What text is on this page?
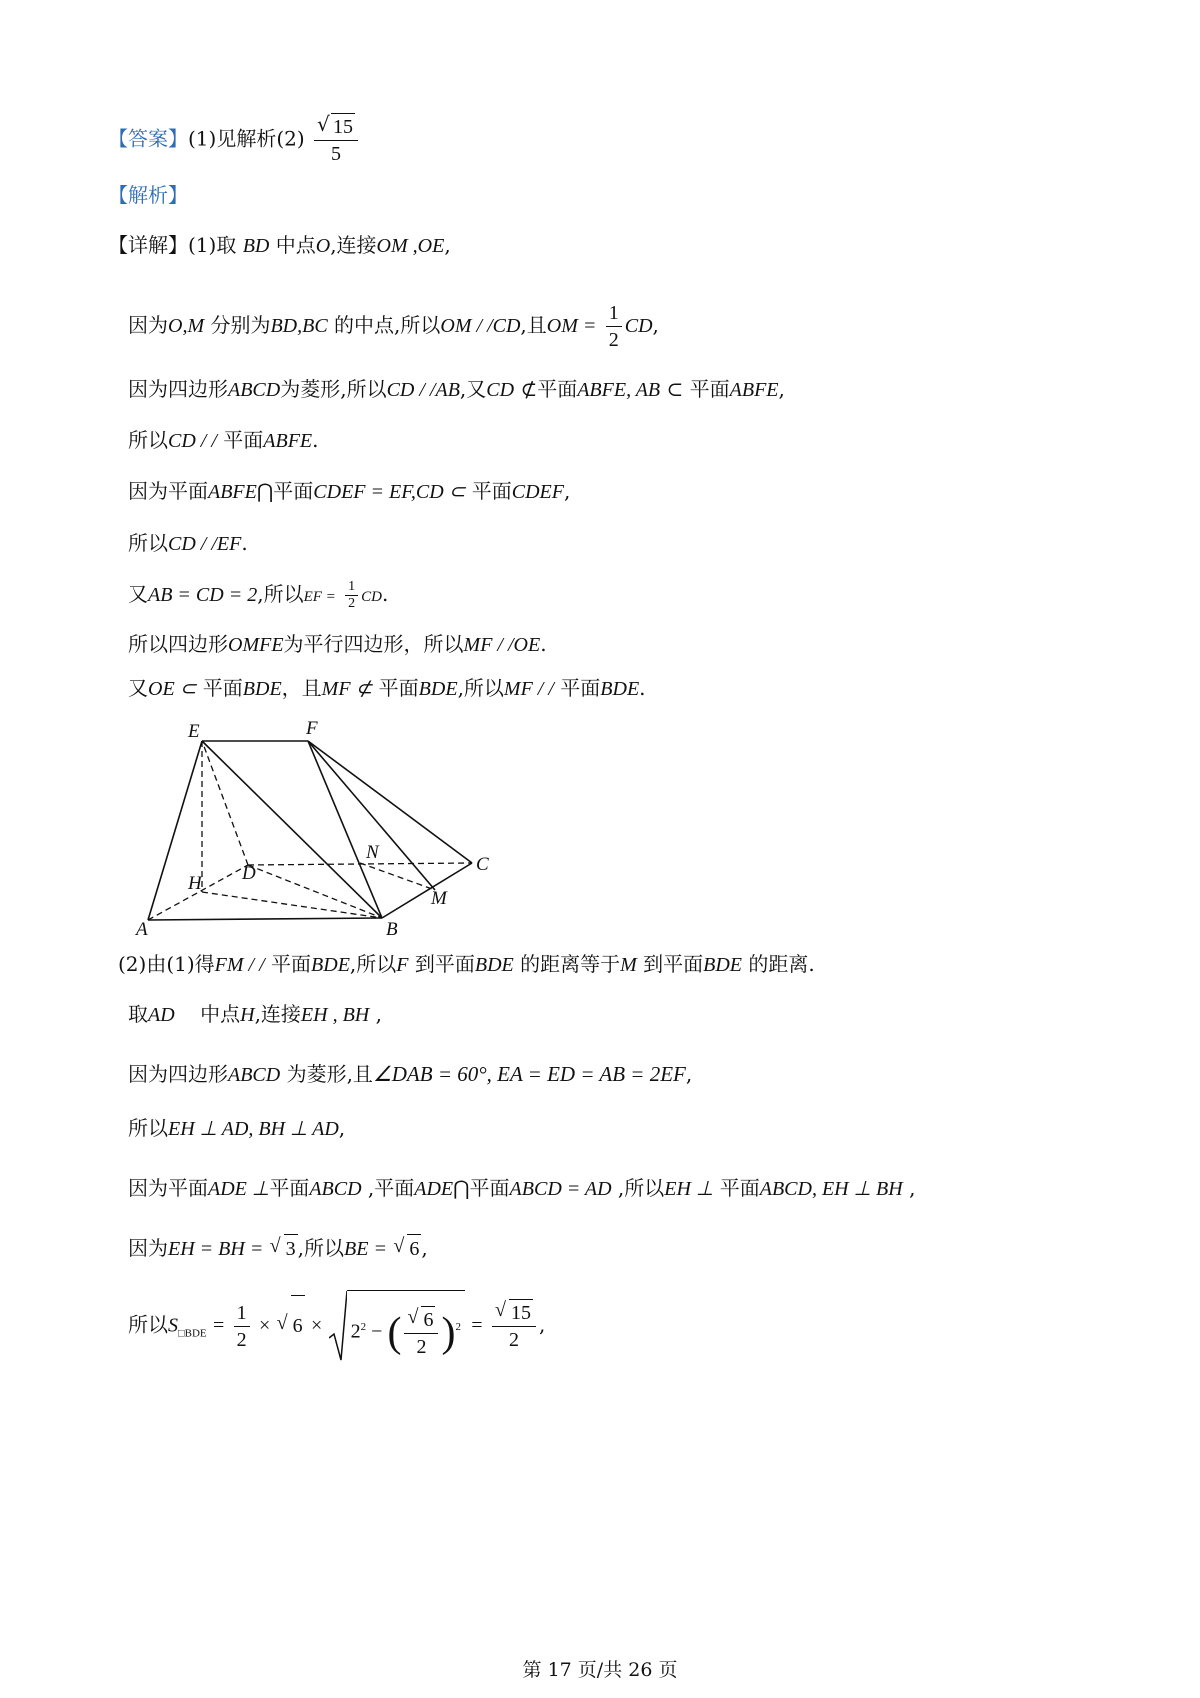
【答案】(1)见解析(2) √ $\frac{15}{5}$
【解析】
【详解】(1)取 BD 中点O,连接OM ,OE,
因为O,M 分别为BD,BC 的中点,所以OM / /CD,且OM = $\frac{1}{2}$ CD,
因为四边形ABCD为菱形,所以CD / /AB,又CD ⊄平面ABFE, AB ⊂ 平面ABFE,
所以CD / / 平面ABFE.
因为平面ABFE⋂平面CDEF = EF,CD ⊂ 平面CDEF,
所以CD / /EF.
又AB = CD = 2,所以EF = $\frac{1}{2}$ CD.
所以四边形OMFE为平行四边形，所以MF / /OE.
又OE ⊂ 平面BDE，且MF ⊄ 平面BDE,所以MF / / 平面BDE.
E	F
N
C
D
H
M
A	B
(2)由(1)得FM / / 平面BDE,所以F 到平面BDE 的距离等于M 到平面BDE 的距离.
取AD 中点H,连接EH , BH ,
因为四边形ABCD 为菱形,且∠DAB = 60°, EA = ED = AB = 2EF,
所以EH ⊥ AD, BH ⊥ AD,
因为平面ADE ⊥平面ABCD ,平面ADE⋂平面ABCD = AD ,所以EH ⊥ 平面ABCD, EH ⊥ BH ,
因为EH = BH = √ 3 ,所以BE = √ 6 ,
所以$S_{□BDE} = \frac{1}{2}$ × √ $6 \times 2^2$ − ( √ $\frac{6}{2} )^2$ = √ $\frac{15}{2}$ ,
第 17 页/共 26 页
